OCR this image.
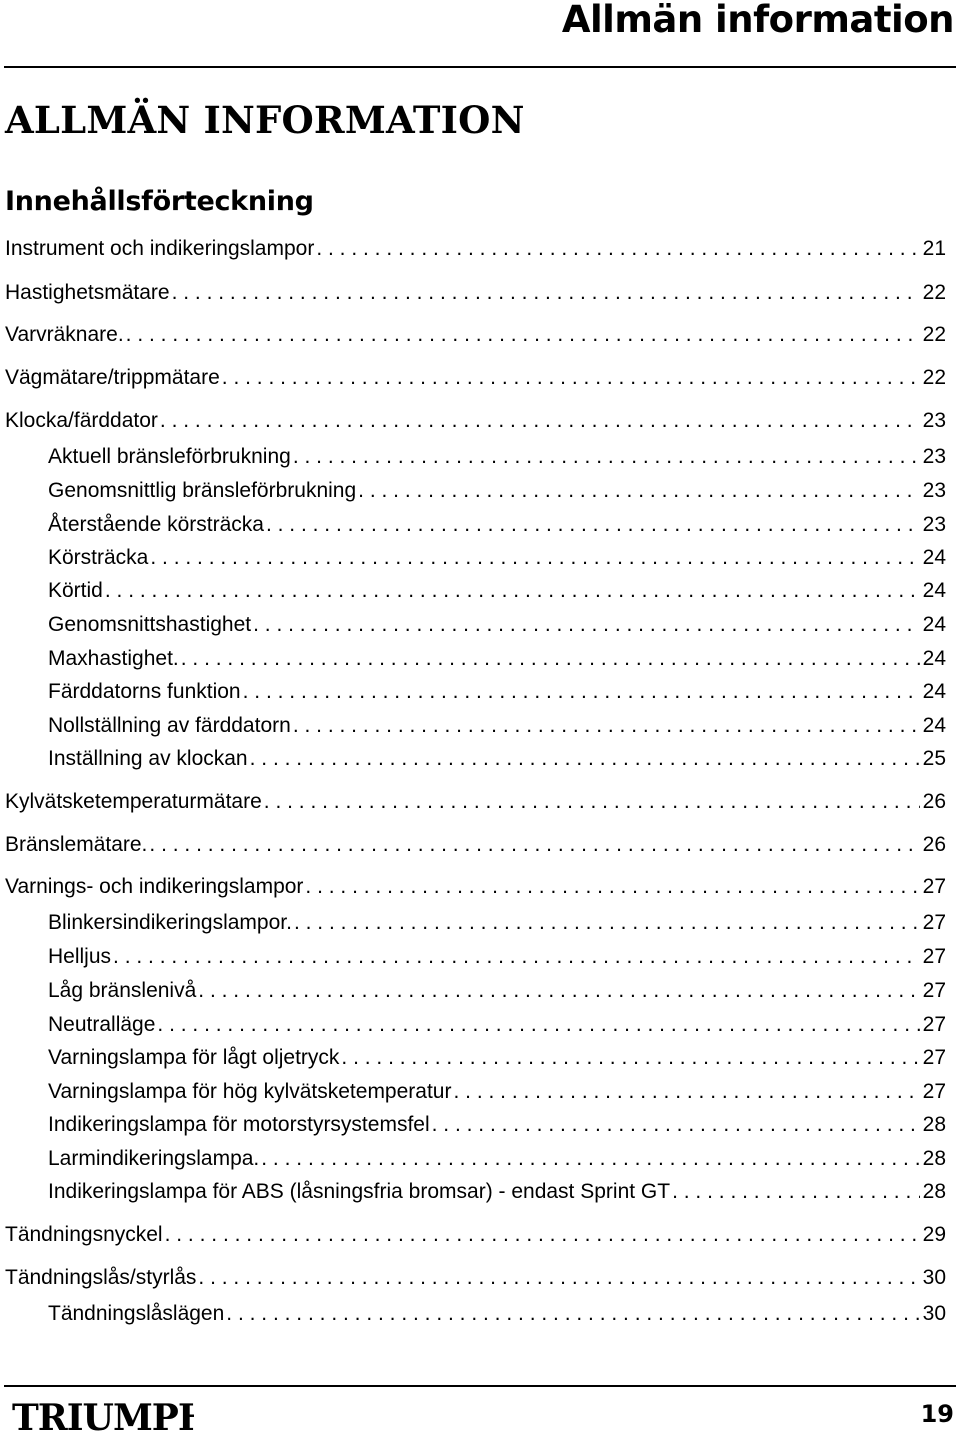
Allmän information
ALLMÄN INFORMATION
Innehållsförteckning
Instrument och indikeringslampor . . .	21
Hastighetsmätare . . .	22
Varvräknare. . . .	22
Vägmätare/trippmätare . . .	22
Klocka/färddator . . .	23
Aktuell bränsleförbrukning . . .	23
Genomsnittlig bränsleförbrukning . . .	23
Återstående körsträcka . . .	23
Körsträcka . . .	24
Körtid . . .	24
Genomsnittshastighet . . .	24
Maxhastighet. . . .	24
Färddatorns funktion . . .	24
Nollställning av färddatorn . . .	24
Inställning av klockan . . .	25
Kylvätsketemperaturmätare . . .	26
Bränslemätare. . . .	26
Varnings- och indikeringslampor . . .	27
Blinkersindikeringslampor. . . .	27
Helljus . . .	27
Låg bränslenivå . . .	27
Neutralläge . . .	27
Varningslampa för lågt oljetryck . . .	27
Varningslampa för hög kylvätsketemperatur . . .	27
Indikeringslampa för motorstyrsystemsfel . . .	28
Larmindikeringslampa. . . .	28
Indikeringslampa för ABS (låsningsfria bromsar) - endast Sprint GT . . .	28
Tändningsnyckel . . .	29
Tändningslås/styrlås . . .	30
Tändningslåslägen . . .	30
TRIUMPH	19
